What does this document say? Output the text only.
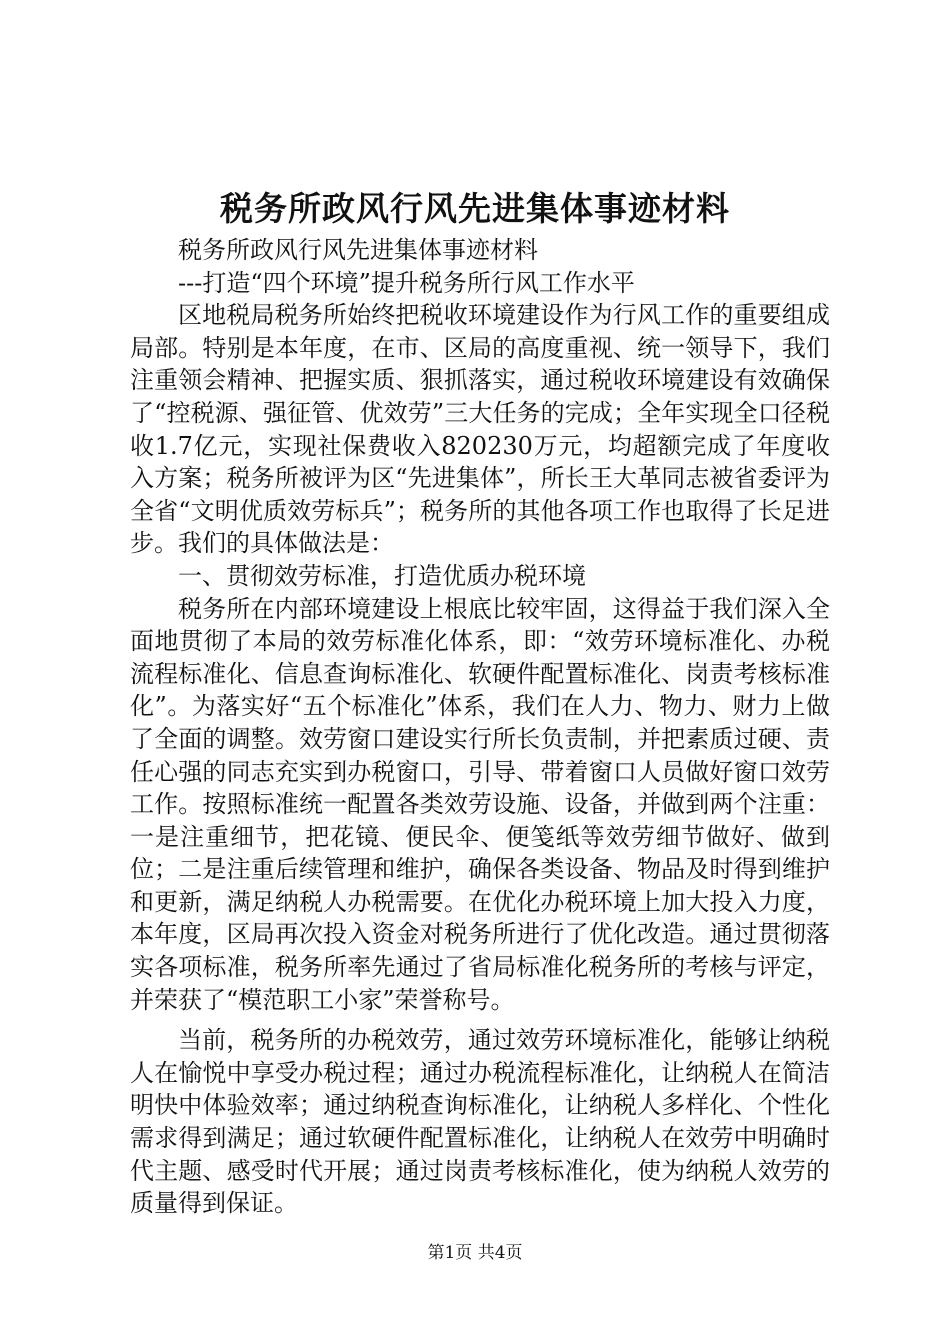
税务所政风行风先进集体事迹材料

税务所政风行风先进集体事迹材料

---打造“四个环境”提升税务所行风工作水平

区地税局税务所始终把税收环境建设作为行风工作的重要组成局部。特别是本年度，在市、区局的高度重视、统一领导下，我们注重领会精神、把握实质、狠抓落实，通过税收环境建设有效确保了“控税源、强征管、优效劳”三大任务的完成；全年实现全口径税收1.7亿元，实现社保费收入820230万元，均超额完成了年度收入方案；税务所被评为区“先进集体”，所长王大革同志被省委评为全省“文明优质效劳标兵”；税务所的其他各项工作也取得了长足进步。我们的具体做法是：

一、贯彻效劳标准，打造优质办税环境

税务所在内部环境建设上根底比较牢固，这得益于我们深入全面地贯彻了本局的效劳标准化体系，即：“效劳环境标准化、办税流程标准化、信息查询标准化、软硬件配置标准化、岗责考核标准化”。为落实好“五个标准化”体系，我们在人力、物力、财力上做了全面的调整。效劳窗口建设实行所长负责制，并把素质过硬、责任心强的同志充实到办税窗口，引导、带着窗口人员做好窗口效劳工作。按照标准统一配置各类效劳设施、设备，并做到两个注重：一是注重细节，把花镜、便民伞、便笺纸等效劳细节做好、做到位；二是注重后续管理和维护，确保各类设备、物品及时得到维护和更新，满足纳税人办税需要。在优化办税环境上加大投入力度，本年度，区局再次投入资金对税务所进行了优化改造。通过贯彻落实各项标准，税务所率先通过了省局标准化税务所的考核与评定，并荣获了“模范职工小家”荣誉称号。

当前，税务所的办税效劳，通过效劳环境标准化，能够让纳税人在愉悦中享受办税过程；通过办税流程标准化，让纳税人在简洁明快中体验效率；通过纳税查询标准化，让纳税人多样化、个性化需求得到满足；通过软硬件配置标准化，让纳税人在效劳中明确时代主题、感受时代开展；通过岗责考核标准化，使为纳税人效劳的质量得到保证。

第1页 共4页
